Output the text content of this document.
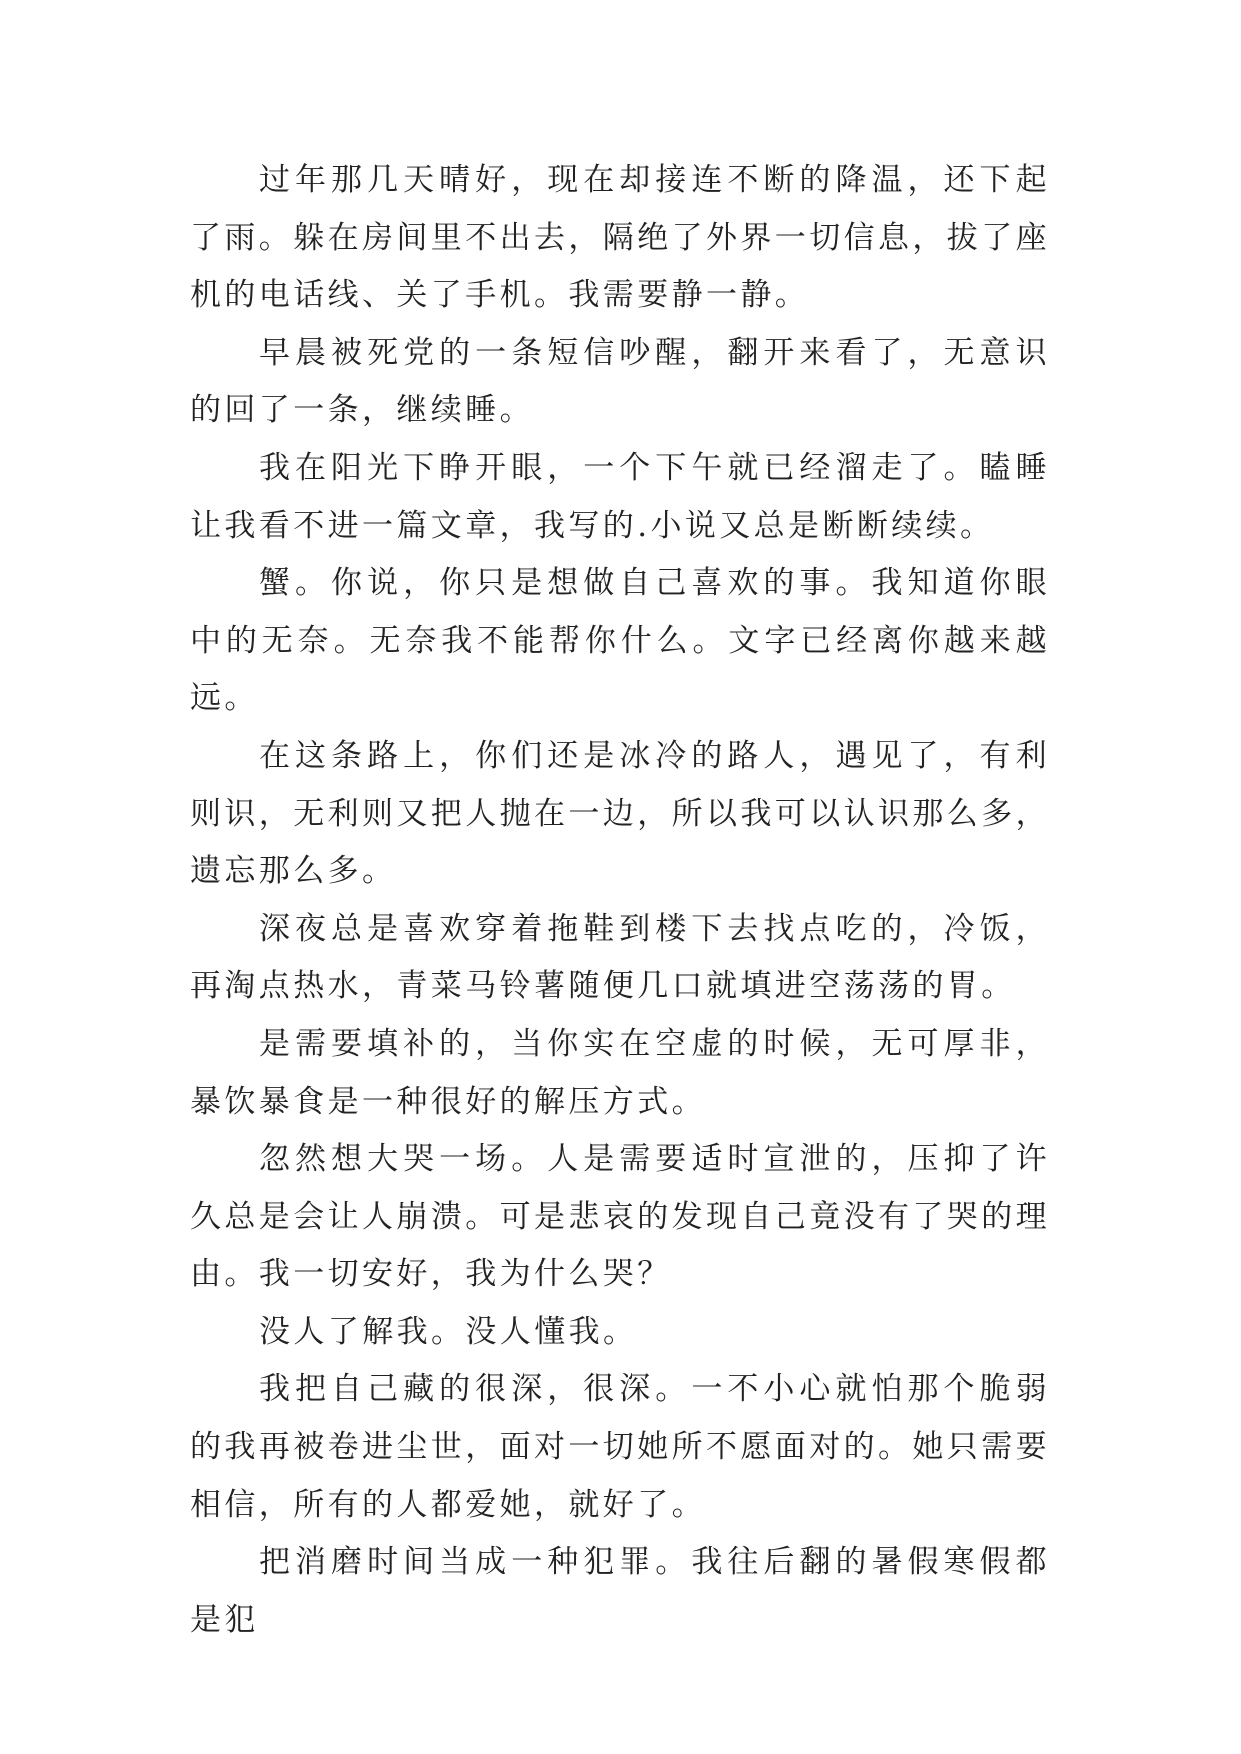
过年那几天晴好，现在却接连不断的降温，还下起了雨。躲在房间里不出去，隔绝了外界一切信息，拔了座机的电话线、关了手机。我需要静一静。

早晨被死党的一条短信吵醒，翻开来看了，无意识的回了一条，继续睡。

我在阳光下睁开眼，一个下午就已经溜走了。瞌睡让我看不进一篇文章，我写的.小说又总是断断续续。

蟹。你说，你只是想做自己喜欢的事。我知道你眼中的无奈。无奈我不能帮你什么。文字已经离你越来越远。

在这条路上，你们还是冰冷的路人，遇见了，有利则识，无利则又把人抛在一边，所以我可以认识那么多，遗忘那么多。

深夜总是喜欢穿着拖鞋到楼下去找点吃的，冷饭，再淘点热水，青菜马铃薯随便几口就填进空荡荡的胃。

是需要填补的，当你实在空虚的时候，无可厚非，暴饮暴食是一种很好的解压方式。

忽然想大哭一场。人是需要适时宣泄的，压抑了许久总是会让人崩溃。可是悲哀的发现自己竟没有了哭的理由。我一切安好，我为什么哭？

没人了解我。没人懂我。

我把自己藏的很深，很深。一不小心就怕那个脆弱的我再被卷进尘世，面对一切她所不愿面对的。她只需要相信，所有的人都爱她，就好了。

把消磨时间当成一种犯罪。我往后翻的暑假寒假都是犯
